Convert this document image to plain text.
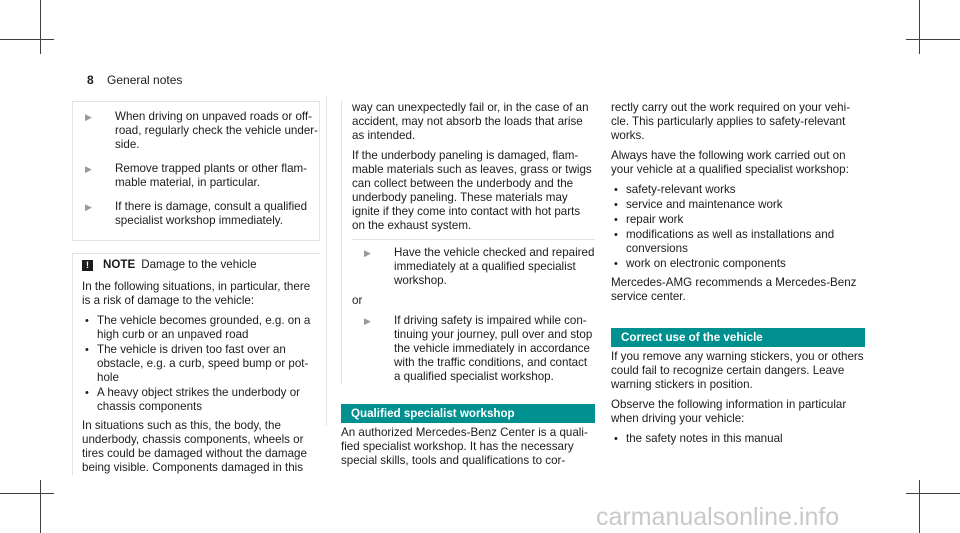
8 General notes
▶ When driving on unpaved roads or off-road, regularly check the vehicle under-side.
▶ Remove trapped plants or other flam-mable material, in particular.
▶ If there is damage, consult a qualified specialist workshop immediately.
!	NOTE Damage to the vehicle

In the following situations, in particular, there is a risk of damage to the vehicle:

• The vehicle becomes grounded, e.g. on a high curb or an unpaved road
• The vehicle is driven too fast over an obstacle, e.g. a curb, speed bump or pot-hole
• A heavy object strikes the underbody or chassis components

In situations such as this, the body, the underbody, chassis components, wheels or tires could be damaged without the damage being visible. Components damaged in this

way can unexpectedly fail or, in the case of an accident, may not absorb the loads that arise as intended.

If the underbody paneling is damaged, flam-mable materials such as leaves, grass or twigs can collect between the underbody and the underbody paneling. These materials may ignite if they come into contact with hot parts on the exhaust system.

▶ Have the vehicle checked and repaired immediately at a qualified specialist workshop.

or

▶ If driving safety is impaired while con-tinuing your journey, pull over and stop the vehicle immediately in accordance with the traffic conditions, and contact a qualified specialist workshop.
Qualified specialist workshop

An authorized Mercedes-Benz Center is a quali-fied specialist workshop. It has the necessary special skills, tools and qualifications to cor-

rectly carry out the work required on your vehi-cle. This particularly applies to safety-relevant works.

Always have the following work carried out on your vehicle at a qualified specialist workshop:

• safety-relevant works
• service and maintenance work
• repair work
• modifications as well as installations and conversions
• work on electronic components

Mercedes-AMG recommends a Mercedes-Benz service center.

Correct use of the vehicle

If you remove any warning stickers, you or others could fail to recognize certain dangers. Leave warning stickers in position.

Observe the following information in particular when driving your vehicle:

• the safety notes in this manual
carmanualsonline.info
